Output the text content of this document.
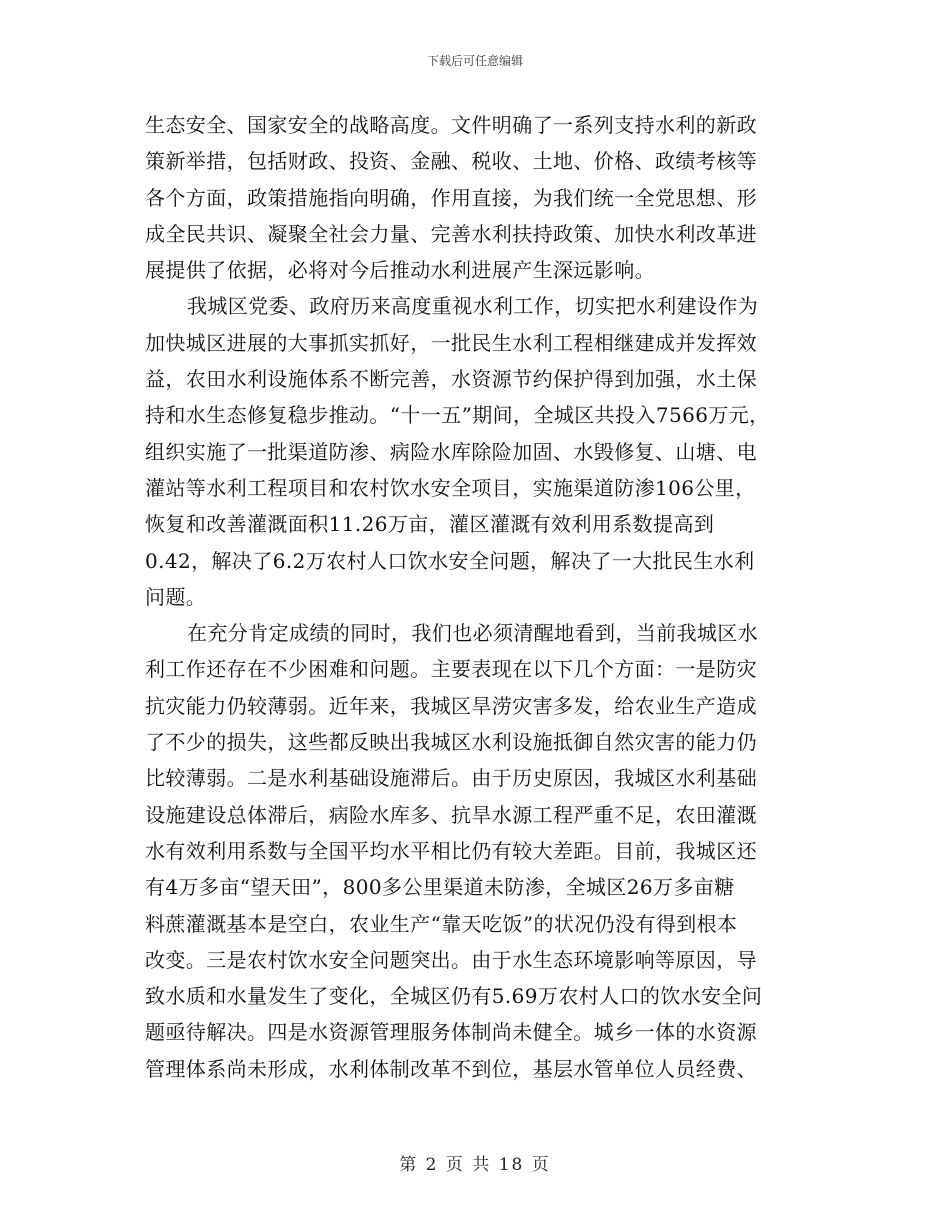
下载后可任意编辑
生态安全、国家安全的战略高度。文件明确了一系列支持水利的新政
策新举措，包括财政、投资、金融、税收、土地、价格、政绩考核等
各个方面，政策措施指向明确，作用直接，为我们统一全党思想、形
成全民共识、凝聚全社会力量、完善水利扶持政策、加快水利改革进
展提供了依据，必将对今后推动水利进展产生深远影响。
我城区党委、政府历来高度重视水利工作，切实把水利建设作为
加快城区进展的大事抓实抓好，一批民生水利工程相继建成并发挥效
益，农田水利设施体系不断完善，水资源节约保护得到加强，水土保
持和水生态修复稳步推动。“十一五”期间，全城区共投入7566万元，
组织实施了一批渠道防渗、病险水库除险加固、水毁修复、山塘、电
灌站等水利工程项目和农村饮水安全项目，实施渠道防渗106公里，
恢复和改善灌溉面积11.26万亩，灌区灌溉有效利用系数提高到
0.42，解决了6.2万农村人口饮水安全问题，解决了一大批民生水利
问题。
在充分肯定成绩的同时，我们也必须清醒地看到，当前我城区水
利工作还存在不少困难和问题。主要表现在以下几个方面：一是防灾
抗灾能力仍较薄弱。近年来，我城区旱涝灾害多发，给农业生产造成
了不少的损失，这些都反映出我城区水利设施抵御自然灾害的能力仍
比较薄弱。二是水利基础设施滞后。由于历史原因，我城区水利基础
设施建设总体滞后，病险水库多、抗旱水源工程严重不足，农田灌溉
水有效利用系数与全国平均水平相比仍有较大差距。目前，我城区还
有4万多亩“望天田”，800多公里渠道未防渗，全城区26万多亩糖
料蔗灌溉基本是空白，农业生产“靠天吃饭”的状况仍没有得到根本
改变。三是农村饮水安全问题突出。由于水生态环境影响等原因，导
致水质和水量发生了变化，全城区仍有5.69万农村人口的饮水安全问
题亟待解决。四是水资源管理服务体制尚未健全。城乡一体的水资源
管理体系尚未形成，水利体制改革不到位，基层水管单位人员经费、
第 2 页 共 18 页
